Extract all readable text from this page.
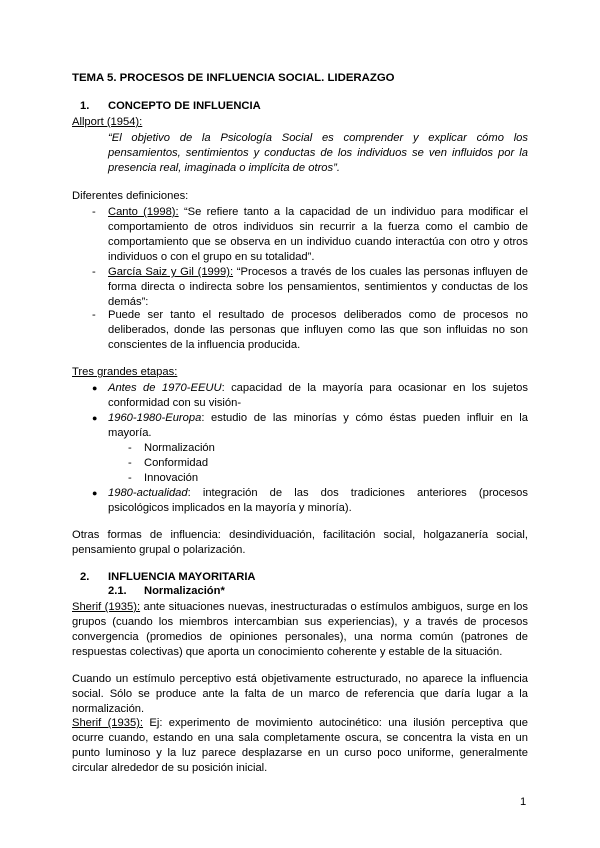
TEMA 5. PROCESOS DE INFLUENCIA SOCIAL. LIDERAZGO
1. CONCEPTO DE INFLUENCIA
Allport (1954):
“El objetivo de la Psicología Social es comprender y explicar cómo los pensamientos, sentimientos y conductas de los individuos se ven influidos por la presencia real, imaginada o implícita de otros”.
Diferentes definiciones:
- Canto (1998): “Se refiere tanto a la capacidad de un individuo para modificar el comportamiento de otros individuos sin recurrir a la fuerza como el cambio de comportamiento que se observa en un individuo cuando interactúa con otro y otros individuos o con el grupo en su totalidad”.
- García Saiz y Gil (1999): “Procesos a través de los cuales las personas influyen de forma directa o indirecta sobre los pensamientos, sentimientos y conductas de los demás”:
- Puede ser tanto el resultado de procesos deliberados como de procesos no deliberados, donde las personas que influyen como las que son influidas no son conscientes de la influencia producida.
Tres grandes etapas:
● Antes de 1970-EEUU: capacidad de la mayoría para ocasionar en los sujetos conformidad con su visión-
● 1960-1980-Europa: estudio de las minorías y cómo éstas pueden influir en la mayoría.
- Normalización
- Conformidad
- Innovación
● 1980-actualidad: integración de las dos tradiciones anteriores (procesos psicológicos implicados en la mayoría y minoría).
Otras formas de influencia: desindividuación, facilitación social, holgazanería social, pensamiento grupal o polarización.
2. INFLUENCIA MAYORITARIA
2.1. Normalización*
Sherif (1935): ante situaciones nuevas, inestructuradas o estímulos ambiguos, surge en los grupos (cuando los miembros intercambian sus experiencias), y a través de procesos convergencia (promedios de opiniones personales), una norma común (patrones de respuestas colectivas) que aporta un conocimiento coherente y estable de la situación.
Cuando un estímulo perceptivo está objetivamente estructurado, no aparece la influencia social. Sólo se produce ante la falta de un marco de referencia que daría lugar a la normalización.
Sherif (1935): Ej: experimento de movimiento autocinético: una ilusión perceptiva que ocurre cuando, estando en una sala completamente oscura, se concentra la vista en un punto luminoso y la luz parece desplazarse en un curso poco uniforme, generalmente circular alrededor de su posición inicial.
1
